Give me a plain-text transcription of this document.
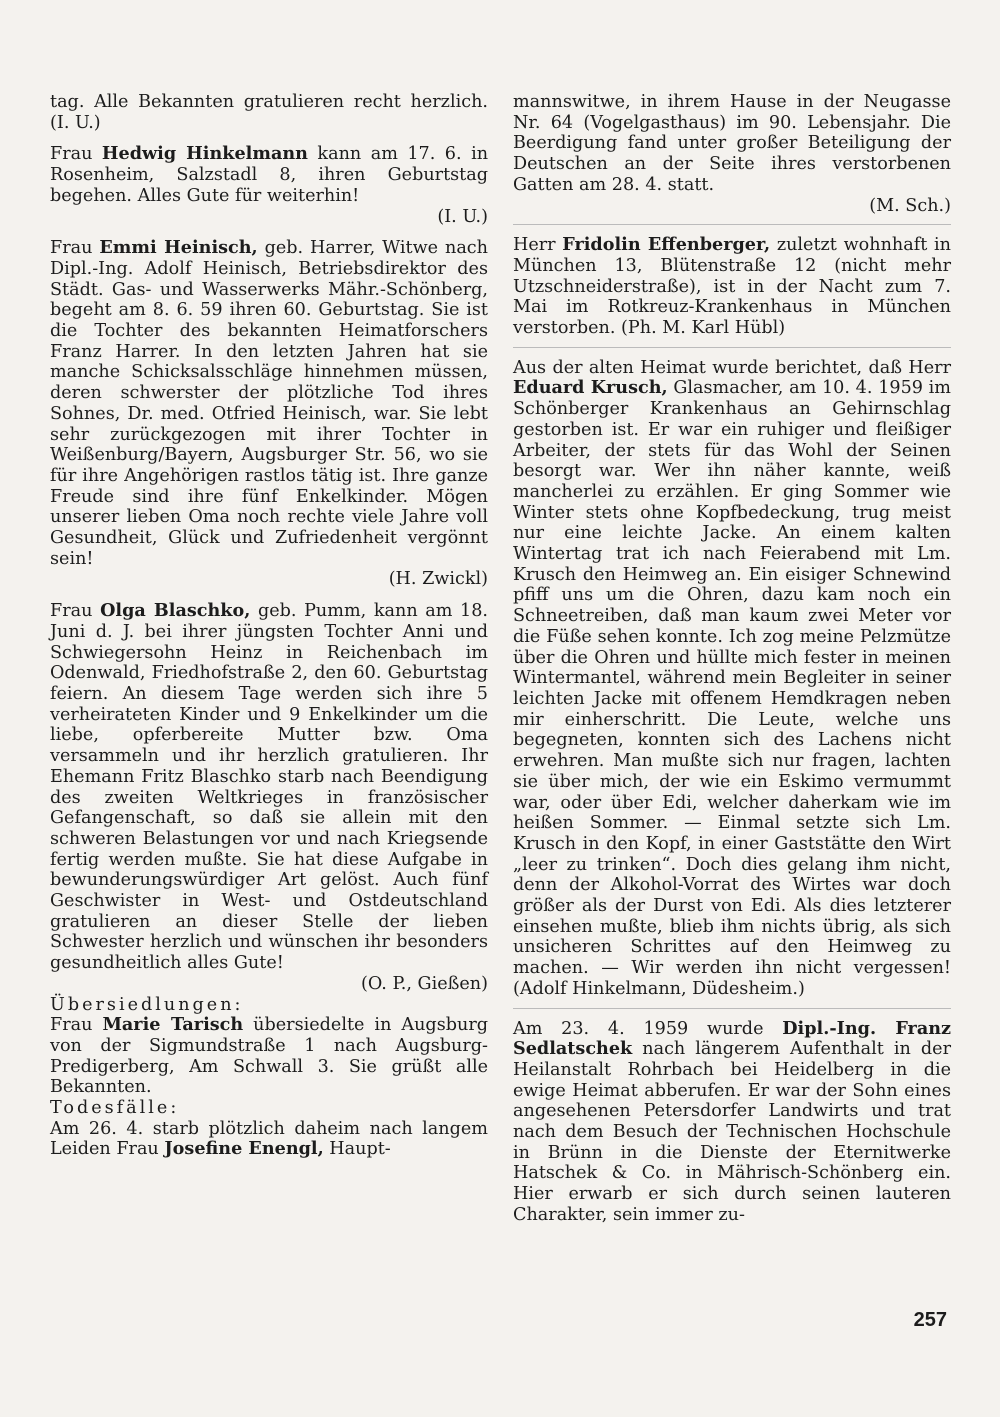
tag. Alle Bekannten gratulieren recht herzlich. (I. U.)

Frau Hedwig Hinkelmann kann am 17. 6. in Rosenheim, Salzstadl 8, ihren Geburtstag begehen. Alles Gute für weiterhin!

(I. U.)

Frau Emmi Heinisch, geb. Harrer, Witwe nach Dipl.-Ing. Adolf Heinisch, Betriebsdirektor des Städt. Gas- und Wasserwerks Mähr.-Schönberg, begeht am 8. 6. 59 ihren 60. Geburtstag. Sie ist die Tochter des bekannten Heimatforschers Franz Harrer. In den letzten Jahren hat sie manche Schicksalsschläge hinnehmen müssen, deren schwerster der plötzliche Tod ihres Sohnes, Dr. med. Otfried Heinisch, war. Sie lebt sehr zurückgezogen mit ihrer Tochter in Weißenburg/Bayern, Augsburger Str. 56, wo sie für ihre Angehörigen rastlos tätig ist. Ihre ganze Freude sind ihre fünf Enkelkinder. Mögen unserer lieben Oma noch rechte viele Jahre voll Gesundheit, Glück und Zufriedenheit vergönnt sein!

(H. Zwickl)

Frau Olga Blaschko, geb. Pumm, kann am 18. Juni d. J. bei ihrer jüngsten Tochter Anni und Schwiegersohn Heinz in Reichenbach im Odenwald, Friedhofstraße 2, den 60. Geburtstag feiern. An diesem Tage werden sich ihre 5 verheirateten Kinder und 9 Enkelkinder um die liebe, opferbereite Mutter bzw. Oma versammeln und ihr herzlich gratulieren. Ihr Ehemann Fritz Blaschko starb nach Beendigung des zweiten Weltkrieges in französischer Gefangenschaft, so daß sie allein mit den schweren Belastungen vor und nach Kriegsende fertig werden mußte. Sie hat diese Aufgabe in bewunderungswürdiger Art gelöst. Auch fünf Geschwister in West- und Ostdeutschland gratulieren an dieser Stelle der lieben Schwester herzlich und wünschen ihr besonders gesundheitlich alles Gute!

(O. P., Gießen)

Übersiedlungen:

Frau Marie Tarisch übersiedelte in Augsburg von der Sigmundstraße 1 nach Augsburg-Predigerberg, Am Schwall 3. Sie grüßt alle Bekannten.

Todesfälle:

Am 26. 4. starb plötzlich daheim nach langem Leiden Frau Josefine Enengl, Haupt-

mannswitwe, in ihrem Hause in der Neugasse Nr. 64 (Vogelgasthaus) im 90. Lebensjahr. Die Beerdigung fand unter großer Beteiligung der Deutschen an der Seite ihres verstorbenen Gatten am 28. 4. statt.

(M. Sch.)

Herr Fridolin Effenberger, zuletzt wohnhaft in München 13, Blütenstraße 12 (nicht mehr Utzschneiderstraße), ist in der Nacht zum 7. Mai im Rotkreuz-Krankenhaus in München verstorben. (Ph. M. Karl Hübl)

Aus der alten Heimat wurde berichtet, daß Herr Eduard Krusch, Glasmacher, am 10. 4. 1959 im Schönberger Krankenhaus an Gehirnschlag gestorben ist. Er war ein ruhiger und fleißiger Arbeiter, der stets für das Wohl der Seinen besorgt war. Wer ihn näher kannte, weiß mancherlei zu erzählen. Er ging Sommer wie Winter stets ohne Kopfbedeckung, trug meist nur eine leichte Jacke. An einem kalten Wintertag trat ich nach Feierabend mit Lm. Krusch den Heimweg an. Ein eisiger Schnewind pfiff uns um die Ohren, dazu kam noch ein Schneetreiben, daß man kaum zwei Meter vor die Füße sehen konnte. Ich zog meine Pelzmütze über die Ohren und hüllte mich fester in meinen Wintermantel, während mein Begleiter in seiner leichten Jacke mit offenem Hemdkragen neben mir einherschritt. Die Leute, welche uns begegneten, konnten sich des Lachens nicht erwehren. Man mußte sich nur fragen, lachten sie über mich, der wie ein Eskimo vermummt war, oder über Edi, welcher daherkam wie im heißen Sommer. — Einmal setzte sich Lm. Krusch in den Kopf, in einer Gaststätte den Wirt „leer zu trinken“. Doch dies gelang ihm nicht, denn der Alkohol-Vorrat des Wirtes war doch größer als der Durst von Edi. Als dies letzterer einsehen mußte, blieb ihm nichts übrig, als sich unsicheren Schrittes auf den Heimweg zu machen. — Wir werden ihn nicht vergessen! (Adolf Hinkelmann, Düdesheim.)

Am 23. 4. 1959 wurde Dipl.-Ing. Franz Sedlatschek nach längerem Aufenthalt in der Heilanstalt Rohrbach bei Heidelberg in die ewige Heimat abberufen. Er war der Sohn eines angesehenen Petersdorfer Landwirts und trat nach dem Besuch der Technischen Hochschule in Brünn in die Dienste der Eternitwerke Hatschek & Co. in Mährisch-Schönberg ein. Hier erwarb er sich durch seinen lauteren Charakter, sein immer zu-

257
